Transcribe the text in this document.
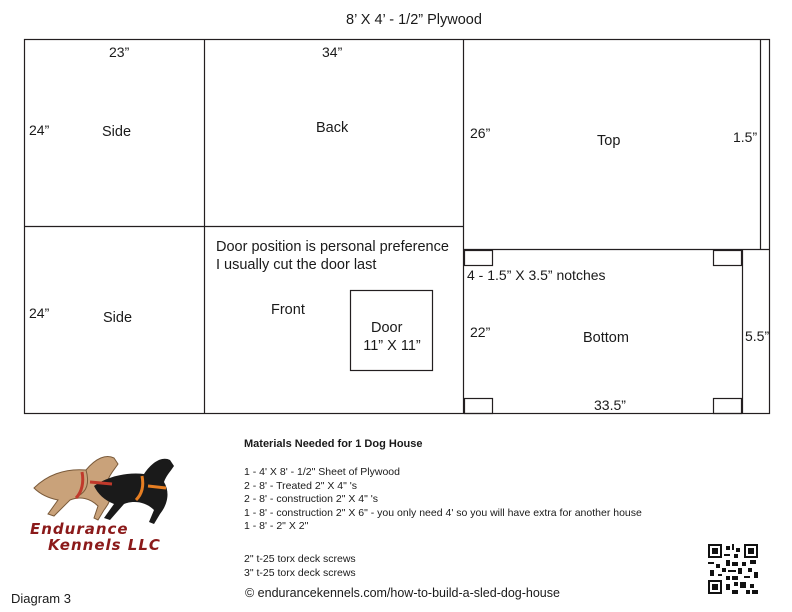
8’ X 4’ - 1/2” Plywood
23”
24”	Side
34”
Back	26”	Top	1.5”
24”	Side
Door position is personal preference
I usually cut the door last
Front
Door
11” X 11”
4 - 1.5” X 3.5” notches
22”	Bottom	5.5”
33.5”
Materials Needed for 1 Dog House
1 - 4' X 8' - 1/2" Sheet of Plywood
2 - 8' - Treated 2" X 4" 's
2 - 8' - construction 2" X 4" 's
1 - 8' - construction 2" X 6" - you only need 4' so you will have extra for another house
1 - 8' - 2" X 2"
2" t-25 torx deck screws
3" t-25 torx deck screws
© endurancekennels.com/how-to-build-a-sled-dog-house
Diagram 3
Endurance
Kennels LLC
